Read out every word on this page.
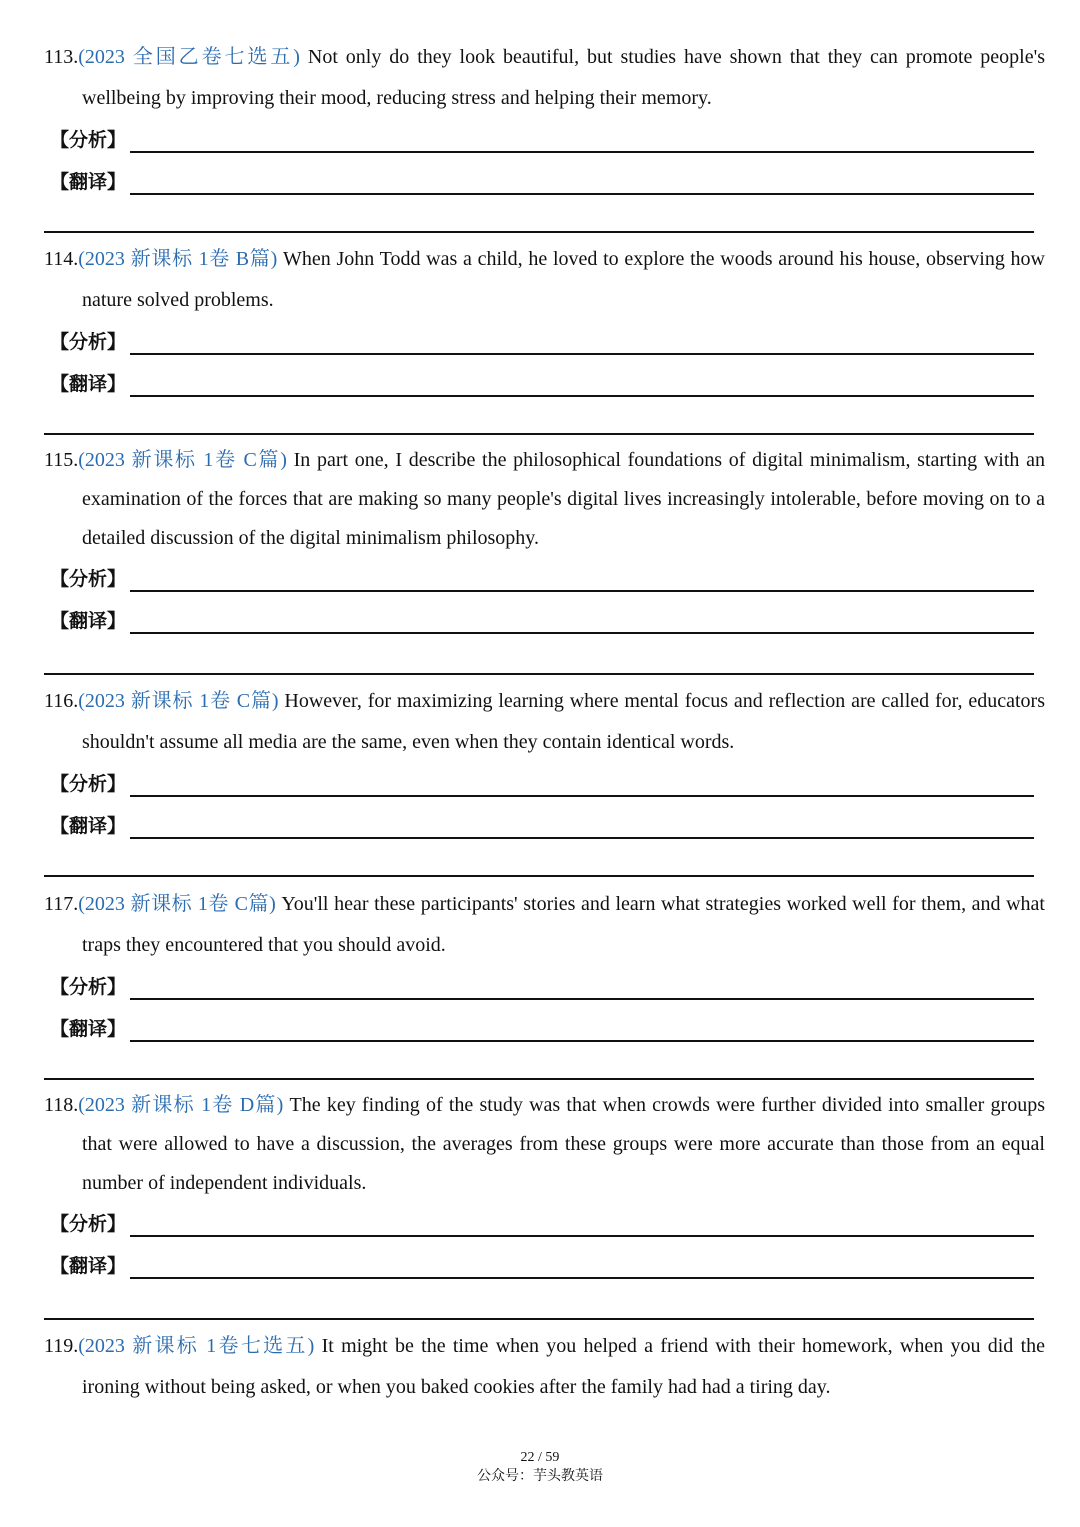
113.(2023 全国乙卷七选五) Not only do they look beautiful, but studies have shown that they can promote people's wellbeing by improving their mood, reducing stress and helping their memory.
【分析】
【翻译】
114.(2023 新课标 1卷 B篇) When John Todd was a child, he loved to explore the woods around his house, observing how nature solved problems.
【分析】
【翻译】
115.(2023 新课标 1卷 C篇) In part one, I describe the philosophical foundations of digital minimalism, starting with an examination of the forces that are making so many people's digital lives increasingly intolerable, before moving on to a detailed discussion of the digital minimalism philosophy.
【分析】
【翻译】
116.(2023 新课标 1卷 C篇) However, for maximizing learning where mental focus and reflection are called for, educators shouldn't assume all media are the same, even when they contain identical words.
【分析】
【翻译】
117.(2023 新课标 1卷 C篇) You'll hear these participants' stories and learn what strategies worked well for them, and what traps they encountered that you should avoid.
【分析】
【翻译】
118.(2023 新课标 1卷 D篇) The key finding of the study was that when crowds were further divided into smaller groups that were allowed to have a discussion, the averages from these groups were more accurate than those from an equal number of independent individuals.
【分析】
【翻译】
119.(2023 新课标 1卷七选五) It might be the time when you helped a friend with their homework, when you did the ironing without being asked, or when you baked cookies after the family had had a tiring day.
22 / 59
公众号：芋头教英语
